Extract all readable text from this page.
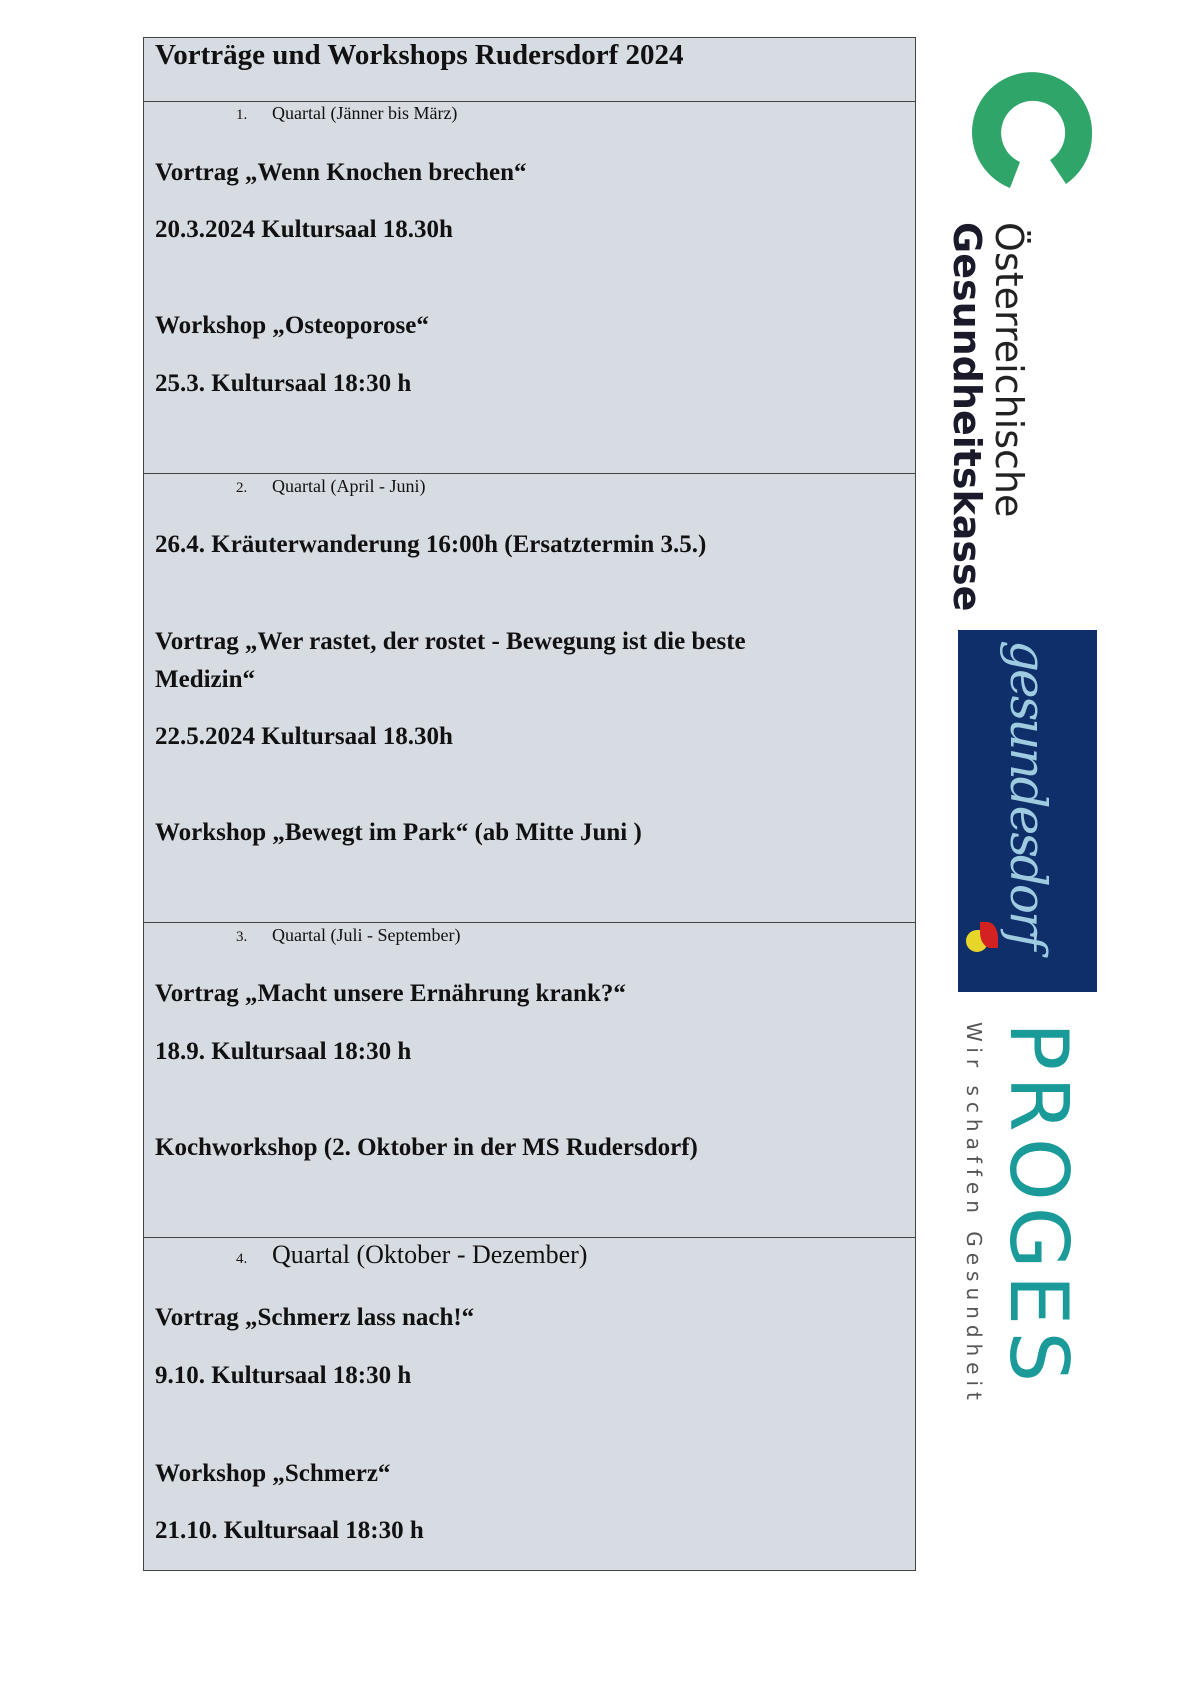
Vorträge und Workshops Rudersdorf 2024
1. Quartal (Jänner bis März)
Vortrag „Wenn Knochen brechen“
20.3.2024 Kultursaal 18.30h
Workshop „Osteoporose“
25.3. Kultursaal 18:30 h
2. Quartal (April - Juni)
26.4. Kräuterwanderung 16:00h (Ersatztermin 3.5.)
Vortrag „Wer rastet, der rostet - Bewegung ist die beste
Medizin“
22.5.2024 Kultursaal 18.30h
Workshop „Bewegt im Park“ (ab Mitte Juni )
3. Quartal (Juli - September)
Vortrag „Macht unsere Ernährung krank?“
18.9. Kultursaal 18:30 h
Kochworkshop (2. Oktober in der MS Rudersdorf)
4. Quartal (Oktober - Dezember)
Vortrag „Schmerz lass nach!“
9.10. Kultursaal 18:30 h
Workshop „Schmerz“
21.10. Kultursaal 18:30 h
Österreichische
Gesundheitskasse
gesundesdorf
PROGES
Wir schaffen Gesundheit
